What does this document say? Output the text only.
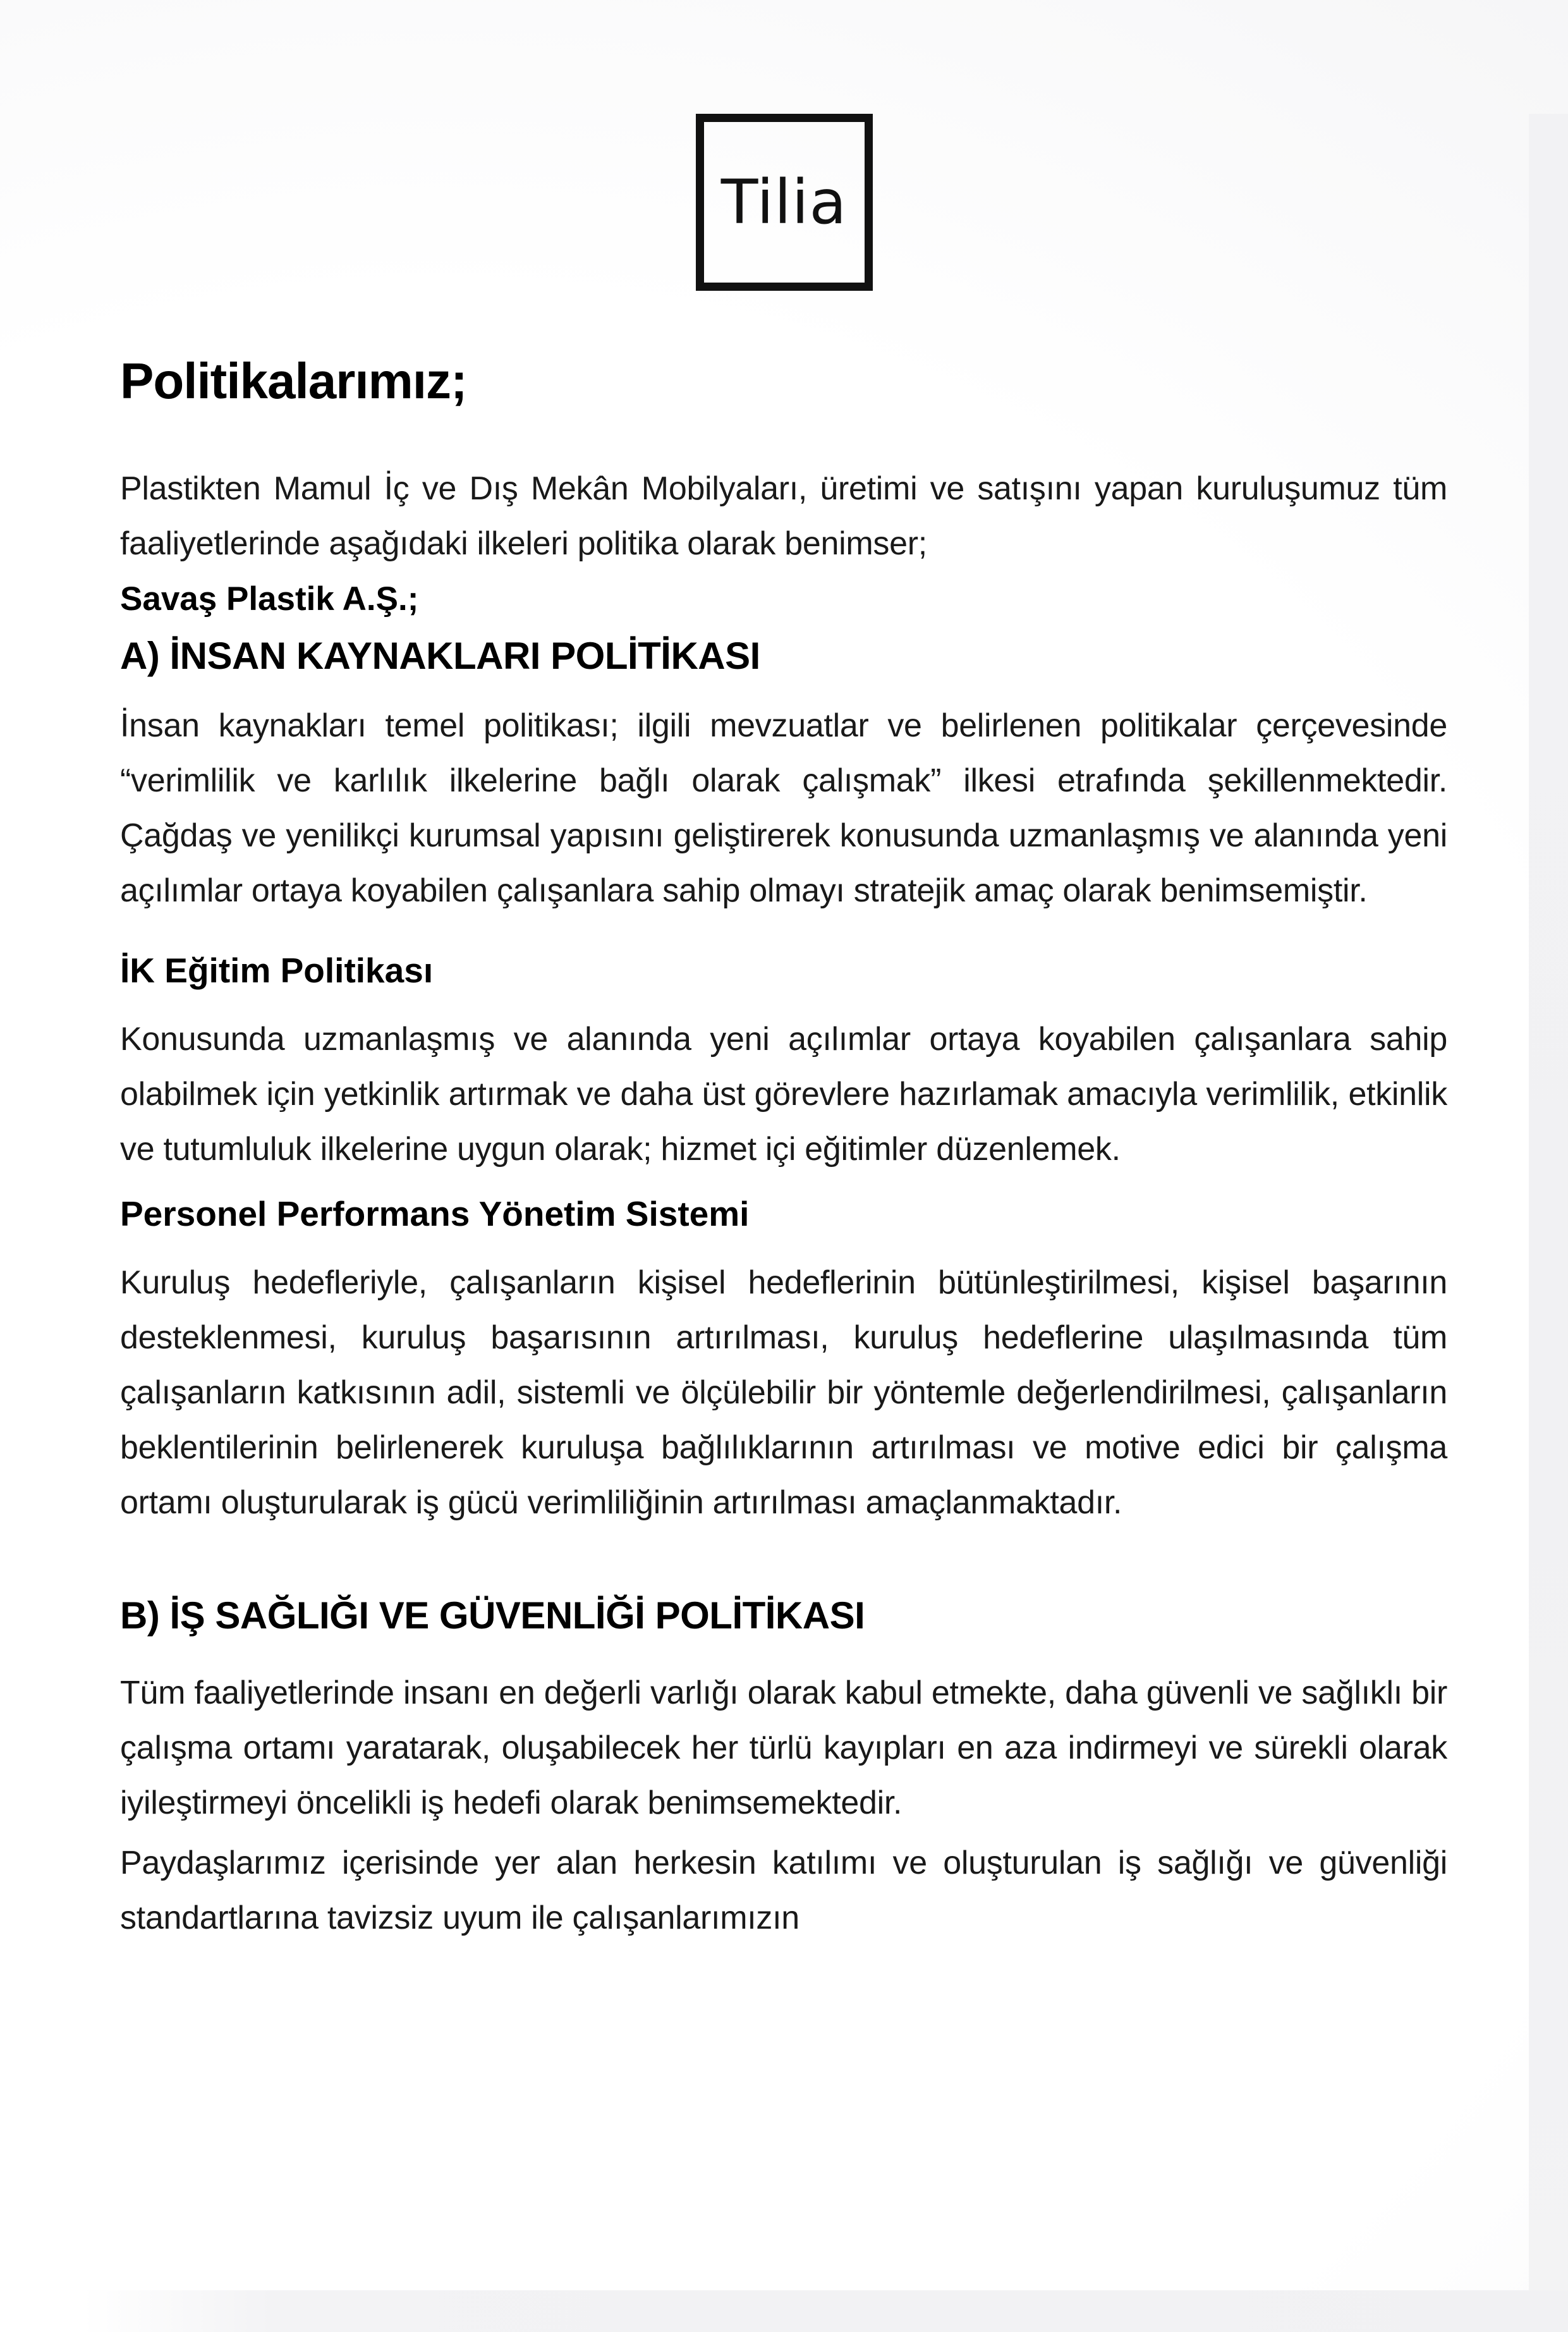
Tilia
Politikalarımız;

Plastikten Mamul İç ve Dış Mekân Mobilyaları, üretimi ve satışını yapan kuruluşumuz tüm faaliyetlerinde aşağıdaki ilkeleri politika olarak benimser;

Savaş Plastik A.Ş.;

A) İNSAN KAYNAKLARI POLİTİKASI

İnsan kaynakları temel politikası; ilgili mevzuatlar ve belirlenen politikalar çerçevesinde “verimlilik ve karlılık ilkelerine bağlı olarak çalışmak” ilkesi etrafında şekillenmektedir. Çağdaş ve yenilikçi kurumsal yapısını geliştirerek konusunda uzmanlaşmış ve alanında yeni açılımlar ortaya koyabilen çalışanlara sahip olmayı stratejik amaç olarak benimsemiştir.

İK Eğitim Politikası

Konusunda uzmanlaşmış ve alanında yeni açılımlar ortaya koyabilen çalışanlara sahip olabilmek için yetkinlik artırmak ve daha üst görevlere hazırlamak amacıyla verimlilik, etkinlik ve tutumluluk ilkelerine uygun olarak; hizmet içi eğitimler düzenlemek.

Personel Performans Yönetim Sistemi

Kuruluş hedefleriyle, çalışanların kişisel hedeflerinin bütünleştirilmesi, kişisel başarının desteklenmesi, kuruluş başarısının artırılması, kuruluş hedeflerine ulaşılmasında tüm çalışanların katkısının adil, sistemli ve ölçülebilir bir yöntemle değerlendirilmesi, çalışanların beklentilerinin belirlenerek kuruluşa bağlılıklarının artırılması ve motive edici bir çalışma ortamı oluşturularak iş gücü verimliliğinin artırılması amaçlanmaktadır.

B) İŞ SAĞLIĞI VE GÜVENLİĞİ POLİTİKASI

Tüm faaliyetlerinde insanı en değerli varlığı olarak kabul etmekte, daha güvenli ve sağlıklı bir çalışma ortamı yaratarak, oluşabilecek her türlü kayıpları en aza indirmeyi ve sürekli olarak iyileştirmeyi öncelikli iş hedefi olarak benimsemektedir.

Paydaşlarımız içerisinde yer alan herkesin katılımı ve oluşturulan iş sağlığı ve güvenliği standartlarına tavizsiz uyum ile çalışanlarımızın
